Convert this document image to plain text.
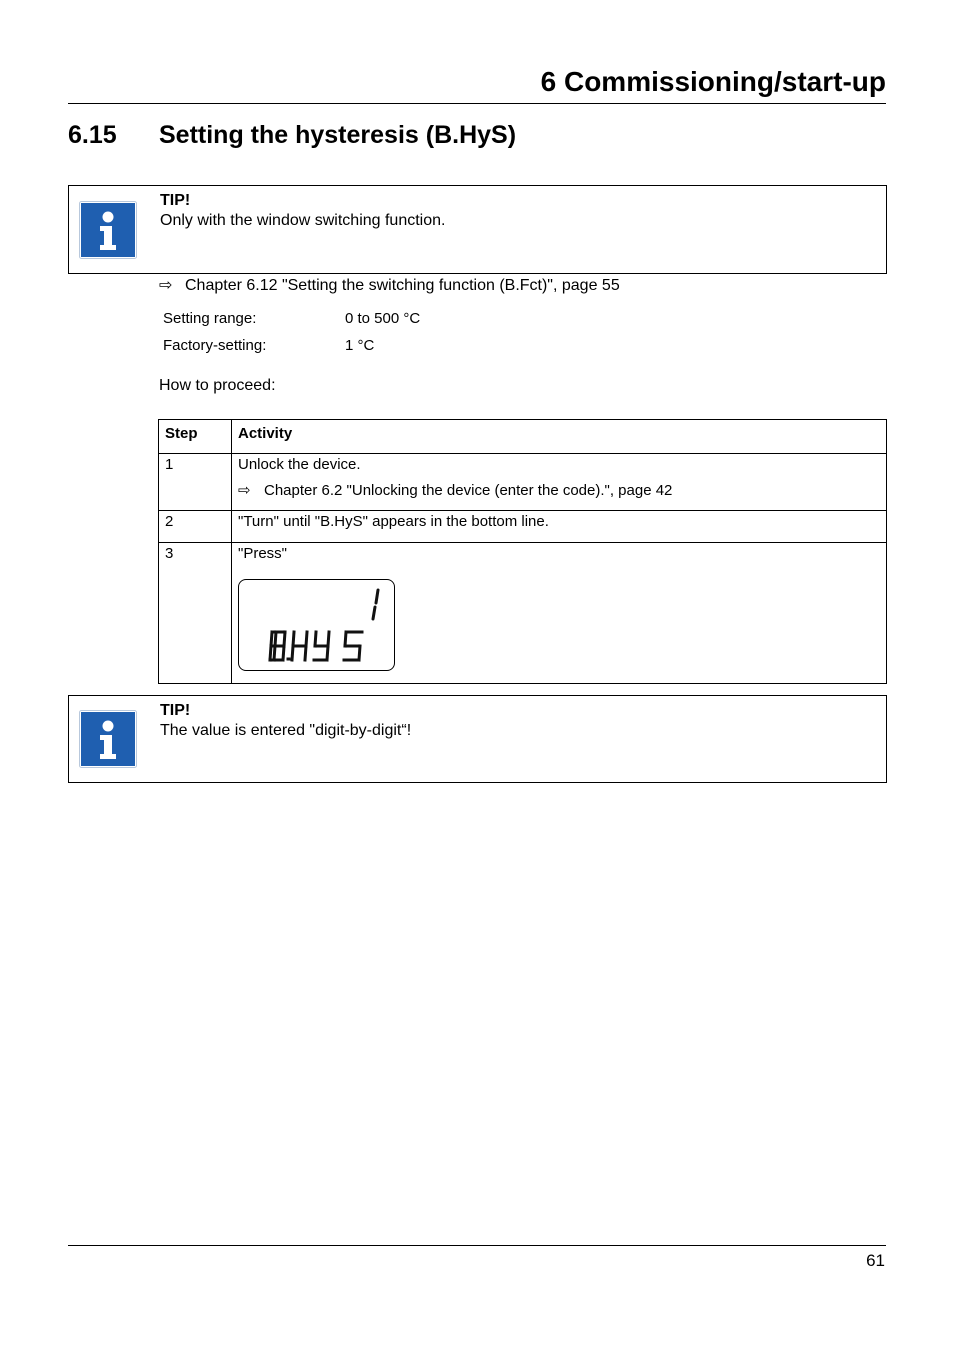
6 Commissioning/start-up
6.15 Setting the hysteresis (B.HyS)
TIP!
Only with the window switching function.
⇨ Chapter 6.12 "Setting the switching function (B.Fct)", page 55
Setting range:	0 to 500 °C
Factory-setting:	1 °C
How to proceed:
Step	Activity
1	Unlock the device.
⇨ Chapter 6.2 "Unlocking the device (enter the code).", page 42

2	"Turn" until "B.HyS" appears in the bottom line.
3	"Press"
TIP!
The value is entered "digit-by-digit“!
61
